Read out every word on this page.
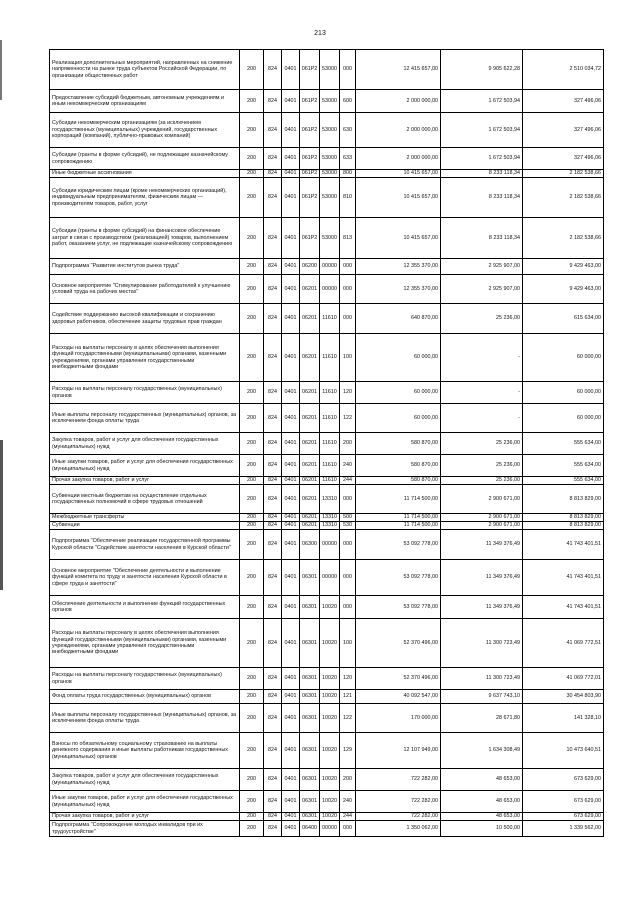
213
Реализация дополнительных мероприятий, направленных на снижение напряженности на рынке труда субъектов Российской Федерации, по организации общественных работ	200	824	0401	061Р2	53000	000	12 415 657,00	9 905 622,28	2 510 034,72
Предоставление субсидий бюджетным, автономным учреждениям и иным некоммерческим организациям	200	824	0401	061Р2	53000	600	2 000 000,00	1 672 503,94	327 496,06
Субсидии некоммерческим организациям (за исключением государственных (муниципальных) учреждений, государственных корпораций (компаний), публично-правовых компаний)	200	824	0401	061Р2	53000	630	2 000 000,00	1 672 503,94	327 496,06
Субсидии (гранты в форме субсидий), не подлежащие казначейскому сопровождению	200	824	0401	061Р2	53000	633	2 000 000,00	1 672 503,94	327 496,06
Иные бюджетные ассигнования	200	824	0401	061Р2	53000	800	10 415 657,00	8 233 118,34	2 182 538,66
Субсидии юридическим лицам (кроме некоммерческих организаций), индивидуальным предпринимателям, физическим лицам — производителям товаров, работ, услуг	200	824	0401	061Р2	53000	810	10 415 657,00	8 233 118,34	2 182 538,66
Субсидии (гранты в форме субсидий) на финансовое обеспечение затрат в связи с производством (реализацией) товаров, выполнением работ, оказанием услуг, не подлежащие казначейскому сопровождению	200	824	0401	061Р2	53000	813	10 415 657,00	8 233 118,34	2 182 538,66
Подпрограмма "Развитие институтов рынка труда"	200	824	0401	06200	00000	000	12 355 370,00	2 925 907,00	9 429 463,00
Основное мероприятие "Стимулирование работодателей к улучшению условий труда на рабочих местах"	200	824	0401	06201	00000	000	12 355 370,00	2 925 907,00	9 429 463,00
Содействие поддержанию высокой квалификации и сохранению здоровья работников, обеспечение защиты трудовых прав граждан	200	824	0401	06201	11610	000	640 870,00	25 236,00	615 634,00
Расходы на выплаты персоналу в целях обеспечения выполнения функций государственными (муниципальными) органами, казенными учреждениями, органами управления государственными внебюджетными фондами	200	824	0401	06201	11610	100	60 000,00	-	60 000,00
Расходы на выплаты персоналу государственных (муниципальных) органов	200	824	0401	06201	11610	120	60 000,00	-	60 000,00
Иные выплаты персоналу государственных (муниципальных) органов, за исключением фонда оплаты труда	200	824	0401	06201	11610	122	60 000,00	-	60 000,00
Закупка товаров, работ и услуг для обеспечения государственных (муниципальных) нужд	200	824	0401	06201	11610	200	580 870,00	25 236,00	555 634,00
Иные закупки товаров, работ и услуг для обеспечения государственных (муниципальных) нужд	200	824	0401	06201	11610	240	580 870,00	25 236,00	555 634,00
Прочая закупка товаров, работ и услуг	200	824	0401	06201	11610	244	580 870,00	25 236,00	555 634,00
Субвенции местным бюджетам на осуществление отдельных государственных полномочий в сфере трудовых отношений	200	824	0401	06201	13310	000	11 714 500,00	2 900 671,00	8 813 829,00
Межбюджетные трансферты	200	824	0401	06201	13310	500	11 714 500,00	2 900 671,00	8 813 829,00
Субвенции	200	824	0401	06201	13310	530	11 714 500,00	2 900 671,00	8 813 829,00
Подпрограмма "Обеспечение реализации государственной программы Курской области "Содействие занятости населения в Курской области"	200	824	0401	06300	00000	000	53 092 778,00	11 349 376,49	41 743 401,51
Основное мероприятие "Обеспечение деятельности и выполнение функций комитета по труду и занятости населения Курской области в сфере труда и занятости"	200	824	0401	06301	00000	000	53 092 778,00	11 349 376,49	41 743 401,51
Обеспечение деятельности и выполнение функций государственных органов	200	824	0401	06301	10020	000	53 092 778,00	11 349 376,49	41 743 401,51
Расходы на выплаты персоналу в целях обеспечения выполнения функций государственными (муниципальными) органами, казенными учреждениями, органами управления государственными внебюджетными фондами	200	824	0401	06301	10020	100	52 370 496,00	11 300 723,49	41 069 772,51
Расходы на выплаты персоналу государственных (муниципальных) органов	200	824	0401	06301	10020	120	52 370 496,00	11 300 723,49	41 069 772,01
Фонд оплаты труда государственных (муниципальных) органов	200	824	0401	06301	10020	121	40 092 547,00	9 637 743,10	30 454 803,90
Иные выплаты персоналу государственных (муниципальных) органов, за исключением фонда оплаты труда	200	824	0401	06301	10020	122	170 000,00	28 671,80	141 328,10
Взносы по обязательному социальному страхованию на выплаты денежного содержания и иные выплаты работникам государственных (муниципальных) органов	200	824	0401	06301	10020	129	12 107 949,00	1 634 308,49	10 473 640,51
Закупка товаров, работ и услуг для обеспечения государственных (муниципальных) нужд	200	824	0401	06301	10020	200	722 282,00	48 653,00	673 629,00
Иные закупки товаров, работ и услуг для обеспечения государственных (муниципальных) нужд	200	824	0401	06301	10020	240	722 282,00	48 653,00	673 629,00
Прочая закупка товаров, работ и услуг	200	824	0401	06301	10020	244	722 282,00	48 653,00	673 629,00
Подпрограмма "Сопровождение молодых инвалидов при их трудоустройстве"	200	824	0401	06400	00000	000	1 350 062,00	10 500,00	1 339 562,00
